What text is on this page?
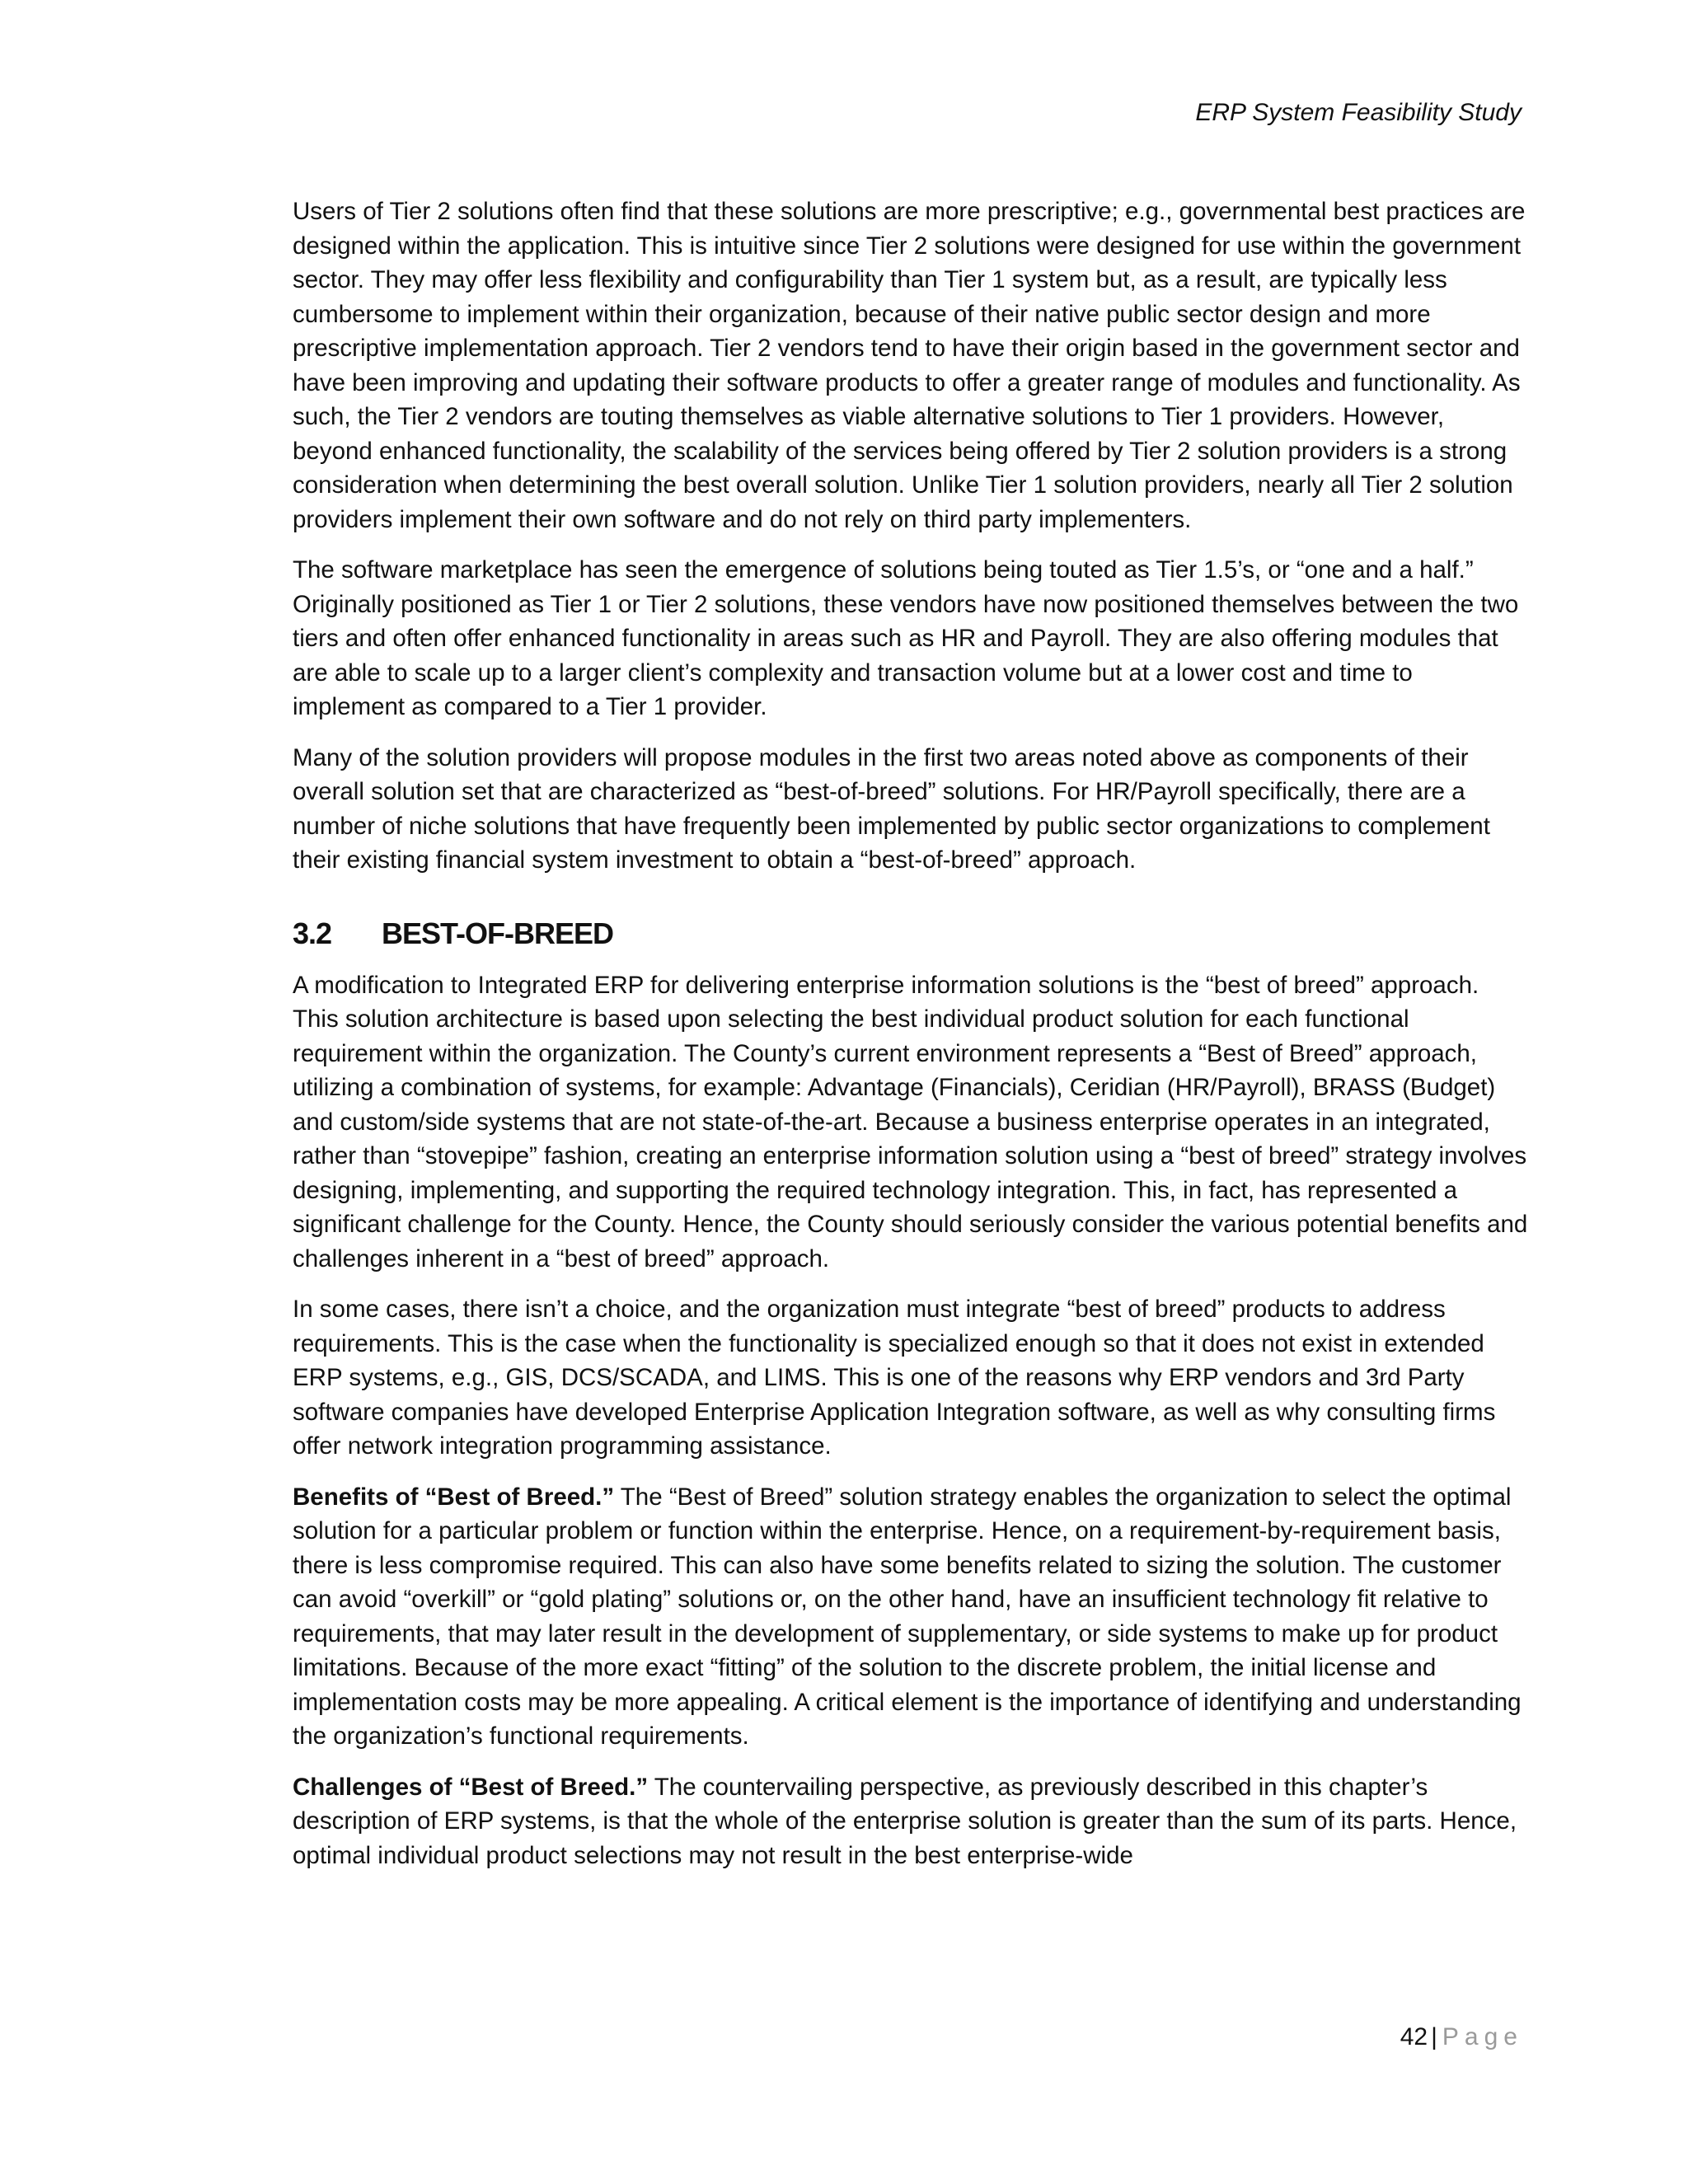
ERP System Feasibility Study

Users of Tier 2 solutions often find that these solutions are more prescriptive; e.g., governmental best practices are designed within the application. This is intuitive since Tier 2 solutions were designed for use within the government sector. They may offer less flexibility and configurability than Tier 1 system but, as a result, are typically less cumbersome to implement within their organization, because of their native public sector design and more prescriptive implementation approach. Tier 2 vendors tend to have their origin based in the government sector and have been improving and updating their software products to offer a greater range of modules and functionality. As such, the Tier 2 vendors are touting themselves as viable alternative solutions to Tier 1 providers. However, beyond enhanced functionality, the scalability of the services being offered by Tier 2 solution providers is a strong consideration when determining the best overall solution. Unlike Tier 1 solution providers, nearly all Tier 2 solution providers implement their own software and do not rely on third party implementers.

The software marketplace has seen the emergence of solutions being touted as Tier 1.5’s, or “one and a half.” Originally positioned as Tier 1 or Tier 2 solutions, these vendors have now positioned themselves between the two tiers and often offer enhanced functionality in areas such as HR and Payroll. They are also offering modules that are able to scale up to a larger client’s complexity and transaction volume but at a lower cost and time to implement as compared to a Tier 1 provider.

Many of the solution providers will propose modules in the first two areas noted above as components of their overall solution set that are characterized as “best-of-breed” solutions. For HR/Payroll specifically, there are a number of niche solutions that have frequently been implemented by public sector organizations to complement their existing financial system investment to obtain a “best-of-breed” approach.

3.2 BEST-OF-BREED

A modification to Integrated ERP for delivering enterprise information solutions is the “best of breed” approach. This solution architecture is based upon selecting the best individual product solution for each functional requirement within the organization. The County’s current environment represents a “Best of Breed” approach, utilizing a combination of systems, for example: Advantage (Financials), Ceridian (HR/Payroll), BRASS (Budget) and custom/side systems that are not state-of-the-art. Because a business enterprise operates in an integrated, rather than “stovepipe” fashion, creating an enterprise information solution using a “best of breed” strategy involves designing, implementing, and supporting the required technology integration. This, in fact, has represented a significant challenge for the County. Hence, the County should seriously consider the various potential benefits and challenges inherent in a “best of breed” approach.

In some cases, there isn’t a choice, and the organization must integrate “best of breed” products to address requirements. This is the case when the functionality is specialized enough so that it does not exist in extended ERP systems, e.g., GIS, DCS/SCADA, and LIMS. This is one of the reasons why ERP vendors and 3rd Party software companies have developed Enterprise Application Integration software, as well as why consulting firms offer network integration programming assistance.

Benefits of “Best of Breed.” The “Best of Breed” solution strategy enables the organization to select the optimal solution for a particular problem or function within the enterprise. Hence, on a requirement-by-requirement basis, there is less compromise required. This can also have some benefits related to sizing the solution. The customer can avoid “overkill” or “gold plating” solutions or, on the other hand, have an insufficient technology fit relative to requirements, that may later result in the development of supplementary, or side systems to make up for product limitations. Because of the more exact “fitting” of the solution to the discrete problem, the initial license and implementation costs may be more appealing. A critical element is the importance of identifying and understanding the organization’s functional requirements.

Challenges of “Best of Breed.” The countervailing perspective, as previously described in this chapter’s description of ERP systems, is that the whole of the enterprise solution is greater than the sum of its parts. Hence, optimal individual product selections may not result in the best enterprise-wide

42 | Page
